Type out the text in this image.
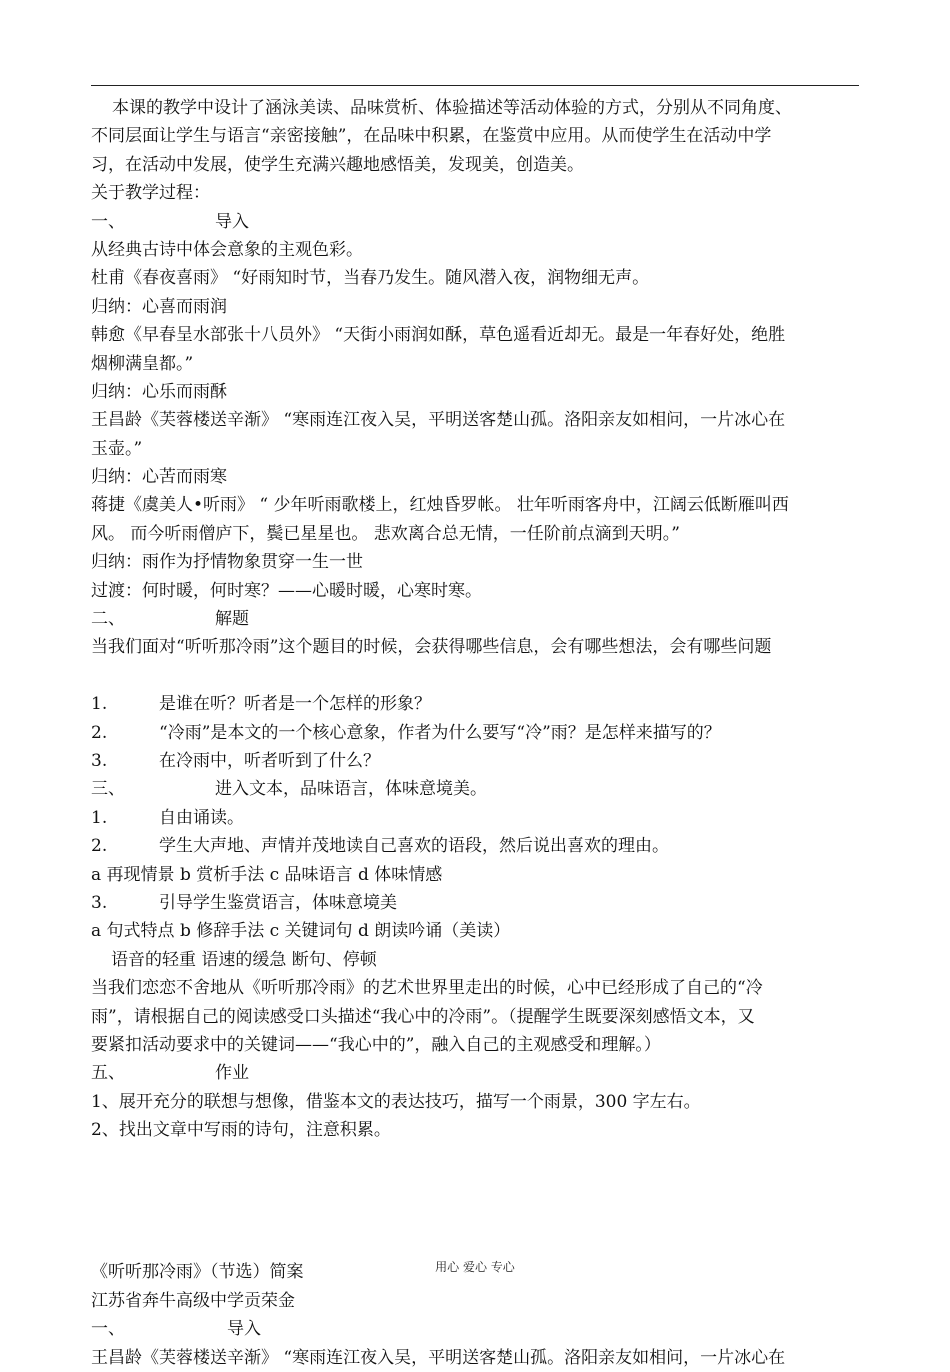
本课的教学中设计了涵泳美读、品味赏析、体验描述等活动体验的方式，分别从不同角度、
不同层面让学生与语言“亲密接触”，在品味中积累，在鉴赏中应用。从而使学生在活动中学
习，在活动中发展，使学生充满兴趣地感悟美，发现美，创造美。
关于教学过程：
一、	导入
从经典古诗中体会意象的主观色彩。
杜甫《春夜喜雨》 “好雨知时节，当春乃发生。随风潜入夜，润物细无声。
归纳：心喜而雨润
韩愈《早春呈水部张十八员外》 “天街小雨润如酥，草色遥看近却无。最是一年春好处，绝胜
烟柳满皇都。”
归纳：心乐而雨酥
王昌龄《芙蓉楼送辛渐》 “寒雨连江夜入吴，平明送客楚山孤。洛阳亲友如相问，一片冰心在
玉壶。”
归纳：心苦而雨寒
蒋捷《虞美人•听雨》 “ 少年听雨歌楼上，红烛昏罗帐。 壮年听雨客舟中，江阔云低断雁叫西
风。 而今听雨僧庐下，鬓已星星也。 悲欢离合总无情，一任阶前点滴到天明。”
归纳：雨作为抒情物象贯穿一生一世
过渡：何时暖，何时寒？——心暖时暖，心寒时寒。
二、	解题
当我们面对“听听那冷雨”这个题目的时候，会获得哪些信息，会有哪些想法，会有哪些问题
1.	是谁在听？听者是一个怎样的形象？
2.	“冷雨”是本文的一个核心意象，作者为什么要写“冷”雨？是怎样来描写的？
3.	在冷雨中，听者听到了什么？
三、	进入文本，品味语言，体味意境美。
1.	自由诵读。
2.	学生大声地、声情并茂地读自己喜欢的语段，然后说出喜欢的理由。
a 再现情景 b 赏析手法 c 品味语言 d 体味情感
3.	引导学生鉴赏语言，体味意境美
a 句式特点 b 修辞手法 c 关键词句 d 朗读吟诵（美读）
语音的轻重 语速的缓急 断句、停顿
当我们恋恋不舍地从《听听那冷雨》的艺术世界里走出的时候，心中已经形成了自己的“冷
雨”，请根据自己的阅读感受口头描述“我心中的冷雨”。（提醒学生既要深刻感悟文本，又
要紧扣活动要求中的关键词——“我心中的”，融入自己的主观感受和理解。）
五、	作业
1、展开充分的联想与想像，借鉴本文的表达技巧，描写一个雨景，300 字左右。
2、找出文章中写雨的诗句，注意积累。
《听听那冷雨》（节选）简案
江苏省奔牛高级中学贡荣金
一、	导入
王昌龄《芙蓉楼送辛渐》 “寒雨连江夜入吴，平明送客楚山孤。洛阳亲友如相问，一片冰心在
用心 爱心 专心
